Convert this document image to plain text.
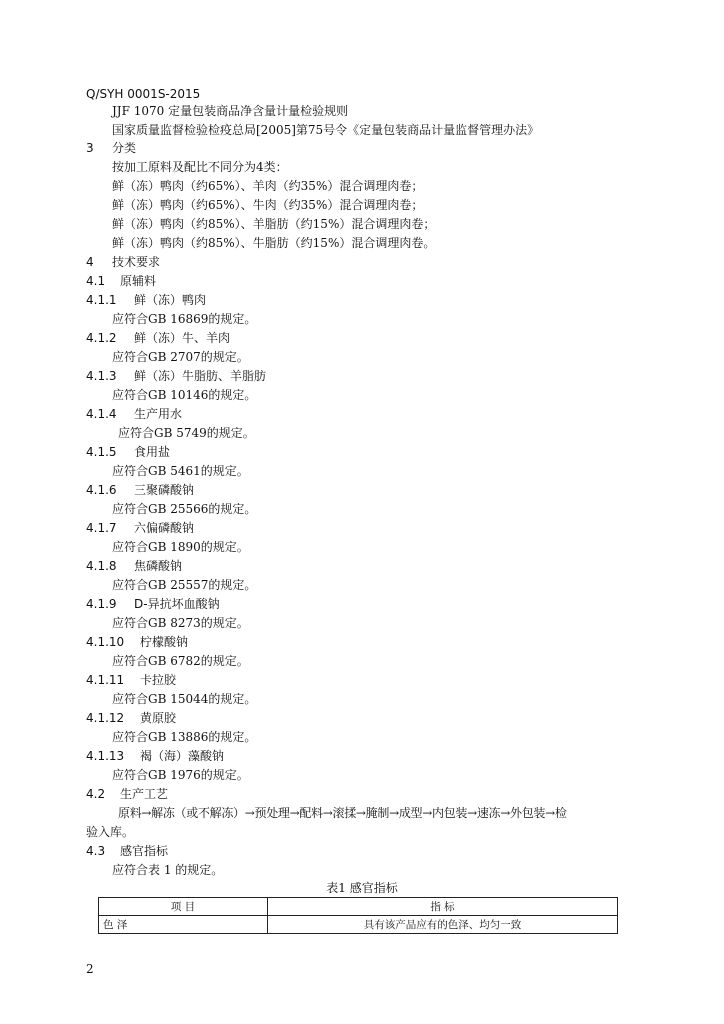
Q/SYH 0001S-2015
JJF 1070 定量包装商品净含量计量检验规则
国家质量监督检验检疫总局[2005]第75号令《定量包装商品计量监督管理办法》
3 分类
按加工原料及配比不同分为4类：
鲜（冻）鸭肉（约65%）、羊肉（约35%）混合调理肉卷；
鲜（冻）鸭肉（约65%）、牛肉（约35%）混合调理肉卷；
鲜（冻）鸭肉（约85%）、羊脂肪（约15%）混合调理肉卷；
鲜（冻）鸭肉（约85%）、牛脂肪（约15%）混合调理肉卷。
4 技术要求
4.1 原辅料
4.1.1 鲜（冻）鸭肉
应符合GB 16869的规定。
4.1.2 鲜（冻）牛、羊肉
应符合GB 2707的规定。
4.1.3 鲜（冻）牛脂肪、羊脂肪
应符合GB 10146的规定。
4.1.4 生产用水
应符合GB 5749的规定。
4.1.5 食用盐
应符合GB 5461的规定。
4.1.6 三聚磷酸钠
应符合GB 25566的规定。
4.1.7 六偏磷酸钠
应符合GB 1890的规定。
4.1.8 焦磷酸钠
应符合GB 25557的规定。
4.1.9 D-异抗坏血酸钠
应符合GB 8273的规定。
4.1.10 柠檬酸钠
应符合GB 6782的规定。
4.1.11 卡拉胶
应符合GB 15044的规定。
4.1.12 黄原胶
应符合GB 13886的规定。
4.1.13 褐（海）藻酸钠
应符合GB 1976的规定。
4.2 生产工艺
原料→解冻（或不解冻）→预处理→配料→滚揉→腌制→成型→内包装→速冻→外包装→检
验入库。
4.3 感官指标
应符合表 1 的规定。
表1 感官指标
项 目	指 标
色 泽	具有该产品应有的色泽、均匀一致
2
